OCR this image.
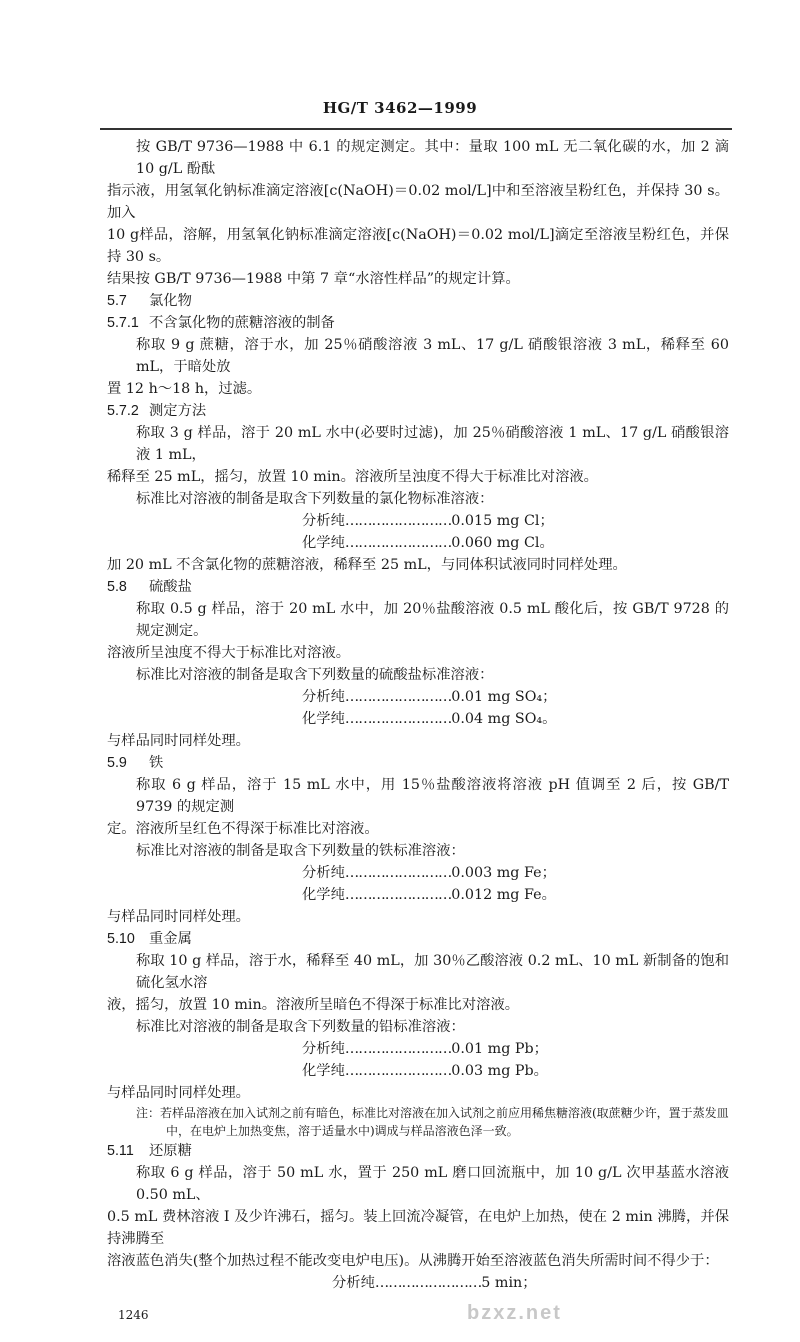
HG/T 3462—1999
按 GB/T 9736—1988 中 6.1 的规定测定。其中：量取 100 mL 无二氧化碳的水，加 2 滴 10 g/L 酚酞
指示液，用氢氧化钠标准滴定溶液[c(NaOH)＝0.02 mol/L]中和至溶液呈粉红色，并保持 30 s。加入
10 g样品，溶解，用氢氧化钠标准滴定溶液[c(NaOH)＝0.02 mol/L]滴定至溶液呈粉红色，并保持 30 s。
结果按 GB/T 9736—1988 中第 7 章“水溶性样品”的规定计算。
5.7 氯化物
5.7.1 不含氯化物的蔗糖溶液的制备
称取 9 g 蔗糖，溶于水，加 25％硝酸溶液 3 mL、17 g/L 硝酸银溶液 3 mL，稀释至 60 mL，于暗处放
置 12 h～18 h，过滤。
5.7.2 测定方法
称取 3 g 样品，溶于 20 mL 水中(必要时过滤)，加 25％硝酸溶液 1 mL、17 g/L 硝酸银溶液 1 mL，
稀释至 25 mL，摇匀，放置 10 min。溶液所呈浊度不得大于标准比对溶液。
标准比对溶液的制备是取含下列数量的氯化物标准溶液：
分析纯……………………0.015 mg Cl；
化学纯……………………0.060 mg Cl。
加 20 mL 不含氯化物的蔗糖溶液，稀释至 25 mL，与同体积试液同时同样处理。
5.8 硫酸盐
称取 0.5 g 样品，溶于 20 mL 水中，加 20％盐酸溶液 0.5 mL 酸化后，按 GB/T 9728 的规定测定。
溶液所呈浊度不得大于标准比对溶液。
标准比对溶液的制备是取含下列数量的硫酸盐标准溶液：
分析纯……………………0.01 mg SO₄；
化学纯……………………0.04 mg SO₄。
与样品同时同样处理。
5.9 铁
称取 6 g 样品，溶于 15 mL 水中，用 15％盐酸溶液将溶液 pH 值调至 2 后，按 GB/T 9739 的规定测
定。溶液所呈红色不得深于标准比对溶液。
标准比对溶液的制备是取含下列数量的铁标准溶液：
分析纯……………………0.003 mg Fe；
化学纯……………………0.012 mg Fe。
与样品同时同样处理。
5.10 重金属
称取 10 g 样品，溶于水，稀释至 40 mL，加 30％乙酸溶液 0.2 mL、10 mL 新制备的饱和硫化氢水溶
液，摇匀，放置 10 min。溶液所呈暗色不得深于标准比对溶液。
标准比对溶液的制备是取含下列数量的铅标准溶液：
分析纯……………………0.01 mg Pb；
化学纯……………………0.03 mg Pb。
与样品同时同样处理。
注：若样品溶液在加入试剂之前有暗色，标准比对溶液在加入试剂之前应用稀焦糖溶液(取蔗糖少许，置于蒸发皿
中，在电炉上加热变焦，溶于适量水中)调成与样品溶液色泽一致。
5.11 还原糖
称取 6 g 样品，溶于 50 mL 水，置于 250 mL 磨口回流瓶中，加 10 g/L 次甲基蓝水溶液 0.50 mL、
0.5 mL 费林溶液 Ⅰ 及少许沸石，摇匀。装上回流冷凝管，在电炉上加热，使在 2 min 沸腾，并保持沸腾至
溶液蓝色消失(整个加热过程不能改变电炉电压)。从沸腾开始至溶液蓝色消失所需时间不得少于：
分析纯……………………5 min；
1246	bzxz.net
